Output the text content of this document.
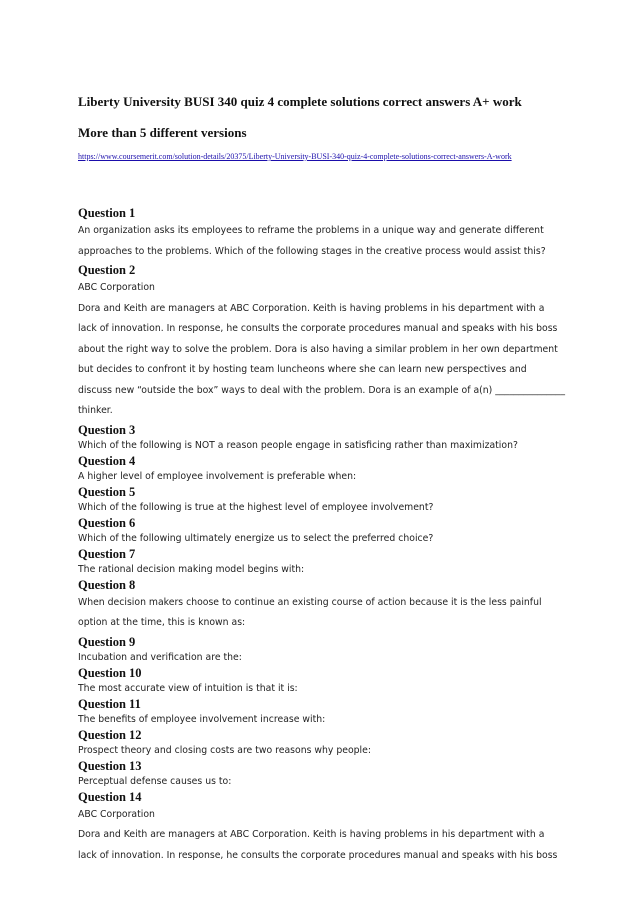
Liberty University BUSI 340 quiz 4 complete solutions correct answers A+ work

More than 5 different versions

https://www.coursemerit.com/solution-details/20375/Liberty-University-BUSI-340-quiz-4-complete-solutions-correct-answers-A-work

Question 1

An organization asks its employees to reframe the problems in a unique way and generate different

approaches to the problems. Which of the following stages in the creative process would assist this?

Question 2

ABC Corporation

Dora and Keith are managers at ABC Corporation. Keith is having problems in his department with a

lack of innovation. In response, he consults the corporate procedures manual and speaks with his boss

about the right way to solve the problem. Dora is also having a similar problem in her own department

but decides to confront it by hosting team luncheons where she can learn new perspectives and

discuss new “outside the box” ways to deal with the problem. Dora is an example of a(n) _______________

thinker.

Question 3

Which of the following is NOT a reason people engage in satisficing rather than maximization?

Question 4

A higher level of employee involvement is preferable when:

Question 5

Which of the following is true at the highest level of employee involvement?

Question 6

Which of the following ultimately energize us to select the preferred choice?

Question 7

The rational decision making model begins with:

Question 8

When decision makers choose to continue an existing course of action because it is the less painful

option at the time, this is known as:

Question 9

Incubation and verification are the:

Question 10

The most accurate view of intuition is that it is:

Question 11

The benefits of employee involvement increase with:

Question 12

Prospect theory and closing costs are two reasons why people:

Question 13

Perceptual defense causes us to:

Question 14

ABC Corporation

Dora and Keith are managers at ABC Corporation. Keith is having problems in his department with a

lack of innovation. In response, he consults the corporate procedures manual and speaks with his boss
